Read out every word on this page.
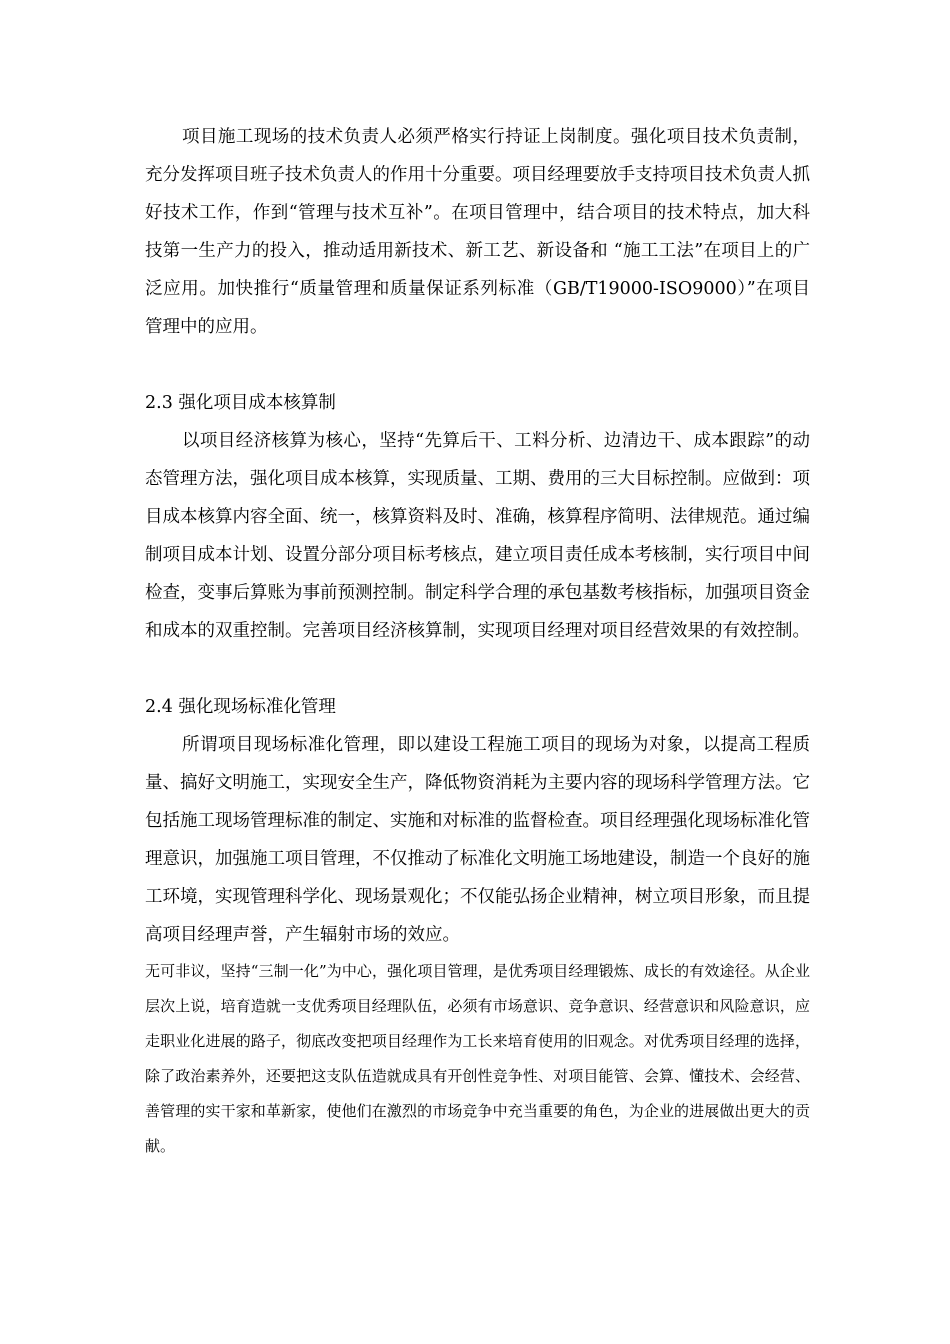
项目施工现场的技术负责人必须严格实行持证上岗制度。强化项目技术负责制，充分发挥项目班子技术负责人的作用十分重要。项目经理要放手支持项目技术负责人抓好技术工作，作到“管理与技术互补”。在项目管理中，结合项目的技术特点，加大科技第一生产力的投入，推动适用新技术、新工艺、新设备和 “施工工法”在项目上的广泛应用。加快推行“质量管理和质量保证系列标准（GB/T19000-ISO9000）”在项目管理中的应用。

2.3 强化项目成本核算制

以项目经济核算为核心，坚持“先算后干、工料分析、边清边干、成本跟踪”的动态管理方法，强化项目成本核算，实现质量、工期、费用的三大目标控制。应做到：项目成本核算内容全面、统一，核算资料及时、准确，核算程序简明、法律规范。通过编制项目成本计划、设置分部分项目标考核点，建立项目责任成本考核制，实行项目中间检查，变事后算账为事前预测控制。制定科学合理的承包基数考核指标，加强项目资金和成本的双重控制。完善项目经济核算制，实现项目经理对项目经营效果的有效控制。

2.4 强化现场标准化管理

所谓项目现场标准化管理，即以建设工程施工项目的现场为对象，以提高工程质量、搞好文明施工，实现安全生产，降低物资消耗为主要内容的现场科学管理方法。它包括施工现场管理标准的制定、实施和对标准的监督检查。项目经理强化现场标准化管理意识，加强施工项目管理，不仅推动了标准化文明施工场地建设，制造一个良好的施工环境，实现管理科学化、现场景观化；不仅能弘扬企业精神，树立项目形象，而且提高项目经理声誉，产生辐射市场的效应。

无可非议，坚持“三制一化”为中心，强化项目管理，是优秀项目经理锻炼、成长的有效途径。从企业层次上说，培育造就一支优秀项目经理队伍，必须有市场意识、竞争意识、经营意识和风险意识，应走职业化进展的路子，彻底改变把项目经理作为工长来培育使用的旧观念。对优秀项目经理的选择，除了政治素养外，还要把这支队伍造就成具有开创性竞争性、对项目能管、会算、懂技术、会经营、善管理的实干家和革新家，使他们在激烈的市场竞争中充当重要的角色，为企业的进展做出更大的贡献。
